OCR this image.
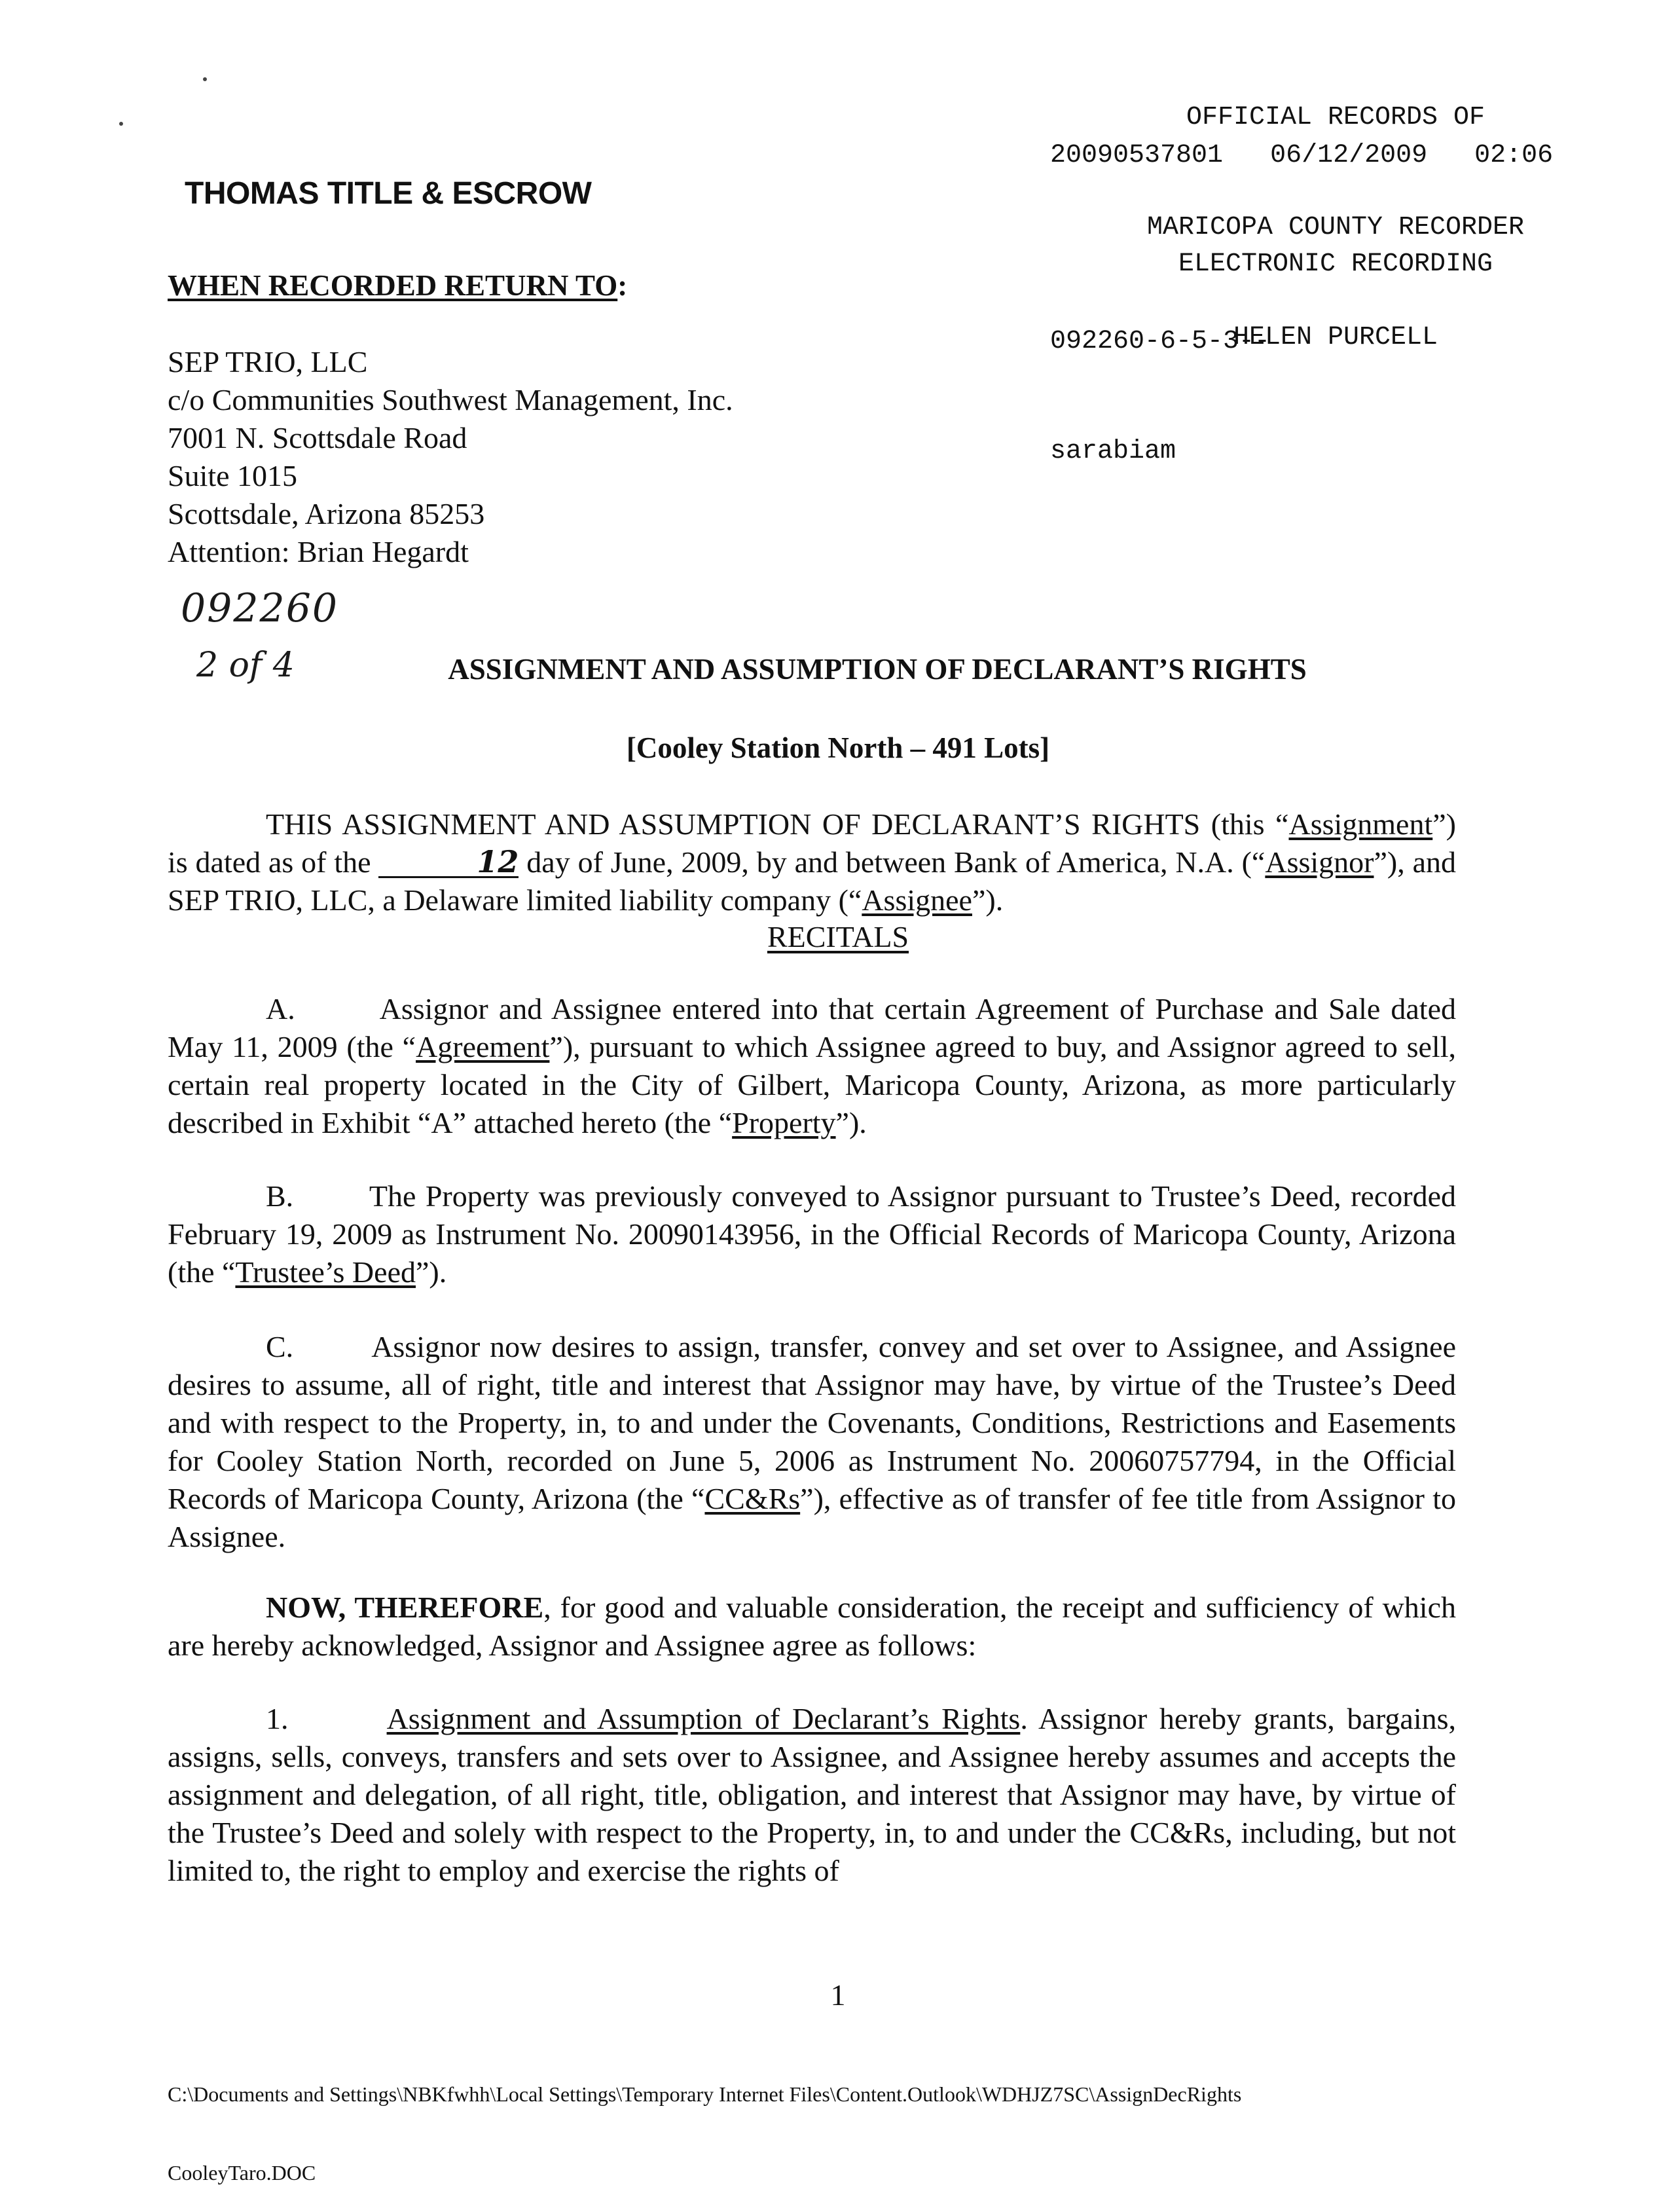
OFFICIAL RECORDS OF

MARICOPA COUNTY RECORDER

HELEN PURCELL

20090537801 06/12/2009 02:06

ELECTRONIC RECORDING

092260-6-5-3--

sarabiam

THOMAS TITLE & ESCROW
WHEN RECORDED RETURN TO:
SEP TRIO, LLC
c/o Communities Southwest Management, Inc.
7001 N. Scottsdale Road
Suite 1015
Scottsdale, Arizona 85253
Attention: Brian Hegardt
092260
2 of 4	ASSIGNMENT AND ASSUMPTION OF DECLARANT’S RIGHTS
[Cooley Station North – 491 Lots]
THIS ASSIGNMENT AND ASSUMPTION OF DECLARANT’S RIGHTS (this “Assignment”) is dated as of the	12 day of June, 2009, by and between Bank of America, N.A. (“Assignor”), and SEP TRIO, LLC, a Delaware limited liability company (“Assignee”).
RECITALS
A.	Assignor and Assignee entered into that certain Agreement of Purchase and Sale dated May 11, 2009 (the “Agreement”), pursuant to which Assignee agreed to buy, and Assignor agreed to sell, certain real property located in the City of Gilbert, Maricopa County, Arizona, as more particularly described in Exhibit “A” attached hereto (the “Property”).
B.	The Property was previously conveyed to Assignor pursuant to Trustee’s Deed, recorded February 19, 2009 as Instrument No. 20090143956, in the Official Records of Maricopa County, Arizona (the “Trustee’s Deed”).
C.	Assignor now desires to assign, transfer, convey and set over to Assignee, and Assignee desires to assume, all of right, title and interest that Assignor may have, by virtue of the Trustee’s Deed and with respect to the Property, in, to and under the Covenants, Conditions, Restrictions and Easements for Cooley Station North, recorded on June 5, 2006 as Instrument No. 20060757794, in the Official Records of Maricopa County, Arizona (the “CC&Rs”), effective as of transfer of fee title from Assignor to Assignee.
NOW, THEREFORE, for good and valuable consideration, the receipt and sufficiency of which are hereby acknowledged, Assignor and Assignee agree as follows:
1.	Assignment and Assumption of Declarant’s Rights. Assignor hereby grants, bargains, assigns, sells, conveys, transfers and sets over to Assignee, and Assignee hereby assumes and accepts the assignment and delegation, of all right, title, obligation, and interest that Assignor may have, by virtue of the Trustee’s Deed and solely with respect to the Property, in, to and under the CC&Rs, including, but not limited to, the right to employ and exercise the rights of
1

C:\Documents and Settings\NBKfwhh\Local Settings\Temporary Internet Files\Content.Outlook\WDHJZ7SC\AssignDecRights

CooleyTaro.DOC
